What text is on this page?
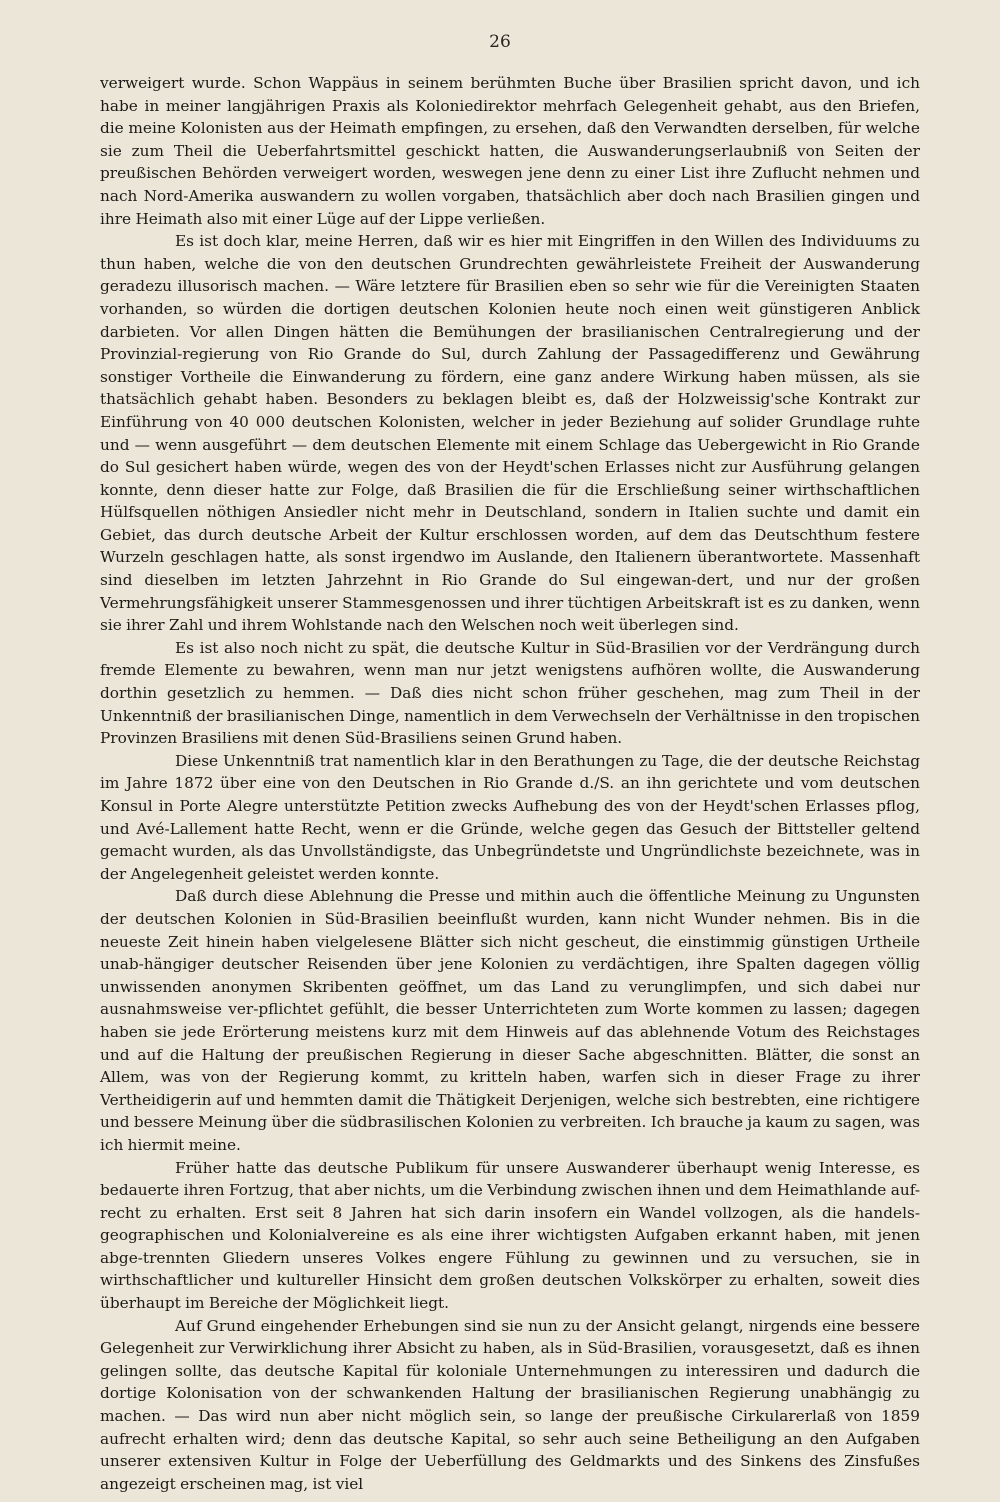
26

verweigert wurde. Schon Wappäus in seinem berühmten Buche über Brasilien spricht davon, und ich habe in meiner langjährigen Praxis als Koloniedirektor mehrfach Gelegenheit gehabt, aus den Briefen, die meine Kolonisten aus der Heimath empfingen, zu ersehen, daß den Verwandten derselben, für welche sie zum Theil die Ueberfahrtsmittel geschickt hatten, die Auswanderungserlaubniß von Seiten der preußischen Behörden verweigert worden, weswegen jene denn zu einer List ihre Zuflucht nehmen und nach Nord-Amerika auswandern zu wollen vorgaben, thatsächlich aber doch nach Brasilien gingen und ihre Heimath also mit einer Lüge auf der Lippe verließen.

Es ist doch klar, meine Herren, daß wir es hier mit Eingriffen in den Willen des Individuums zu thun haben, welche die von den deutschen Grundrechten gewährleistete Freiheit der Auswanderung geradezu illusorisch machen. — Wäre letztere für Brasilien eben so sehr wie für die Vereinigten Staaten vorhanden, so würden die dortigen deutschen Kolonien heute noch einen weit günstigeren Anblick darbieten. Vor allen Dingen hätten die Bemühungen der brasilianischen Centralregierung und der Provinzial-regierung von Rio Grande do Sul, durch Zahlung der Passagedifferenz und Gewährung sonstiger Vortheile die Einwanderung zu fördern, eine ganz andere Wirkung haben müssen, als sie thatsächlich gehabt haben. Besonders zu beklagen bleibt es, daß der Holzweissig'sche Kontrakt zur Einführung von 40 000 deutschen Kolonisten, welcher in jeder Beziehung auf solider Grundlage ruhte und — wenn ausgeführt — dem deutschen Elemente mit einem Schlage das Uebergewicht in Rio Grande do Sul gesichert haben würde, wegen des von der Heydt'schen Erlasses nicht zur Ausführung gelangen konnte, denn dieser hatte zur Folge, daß Brasilien die für die Erschließung seiner wirthschaftlichen Hülfsquellen nöthigen Ansiedler nicht mehr in Deutschland, sondern in Italien suchte und damit ein Gebiet, das durch deutsche Arbeit der Kultur erschlossen worden, auf dem das Deutschthum festere Wurzeln geschlagen hatte, als sonst irgendwo im Auslande, den Italienern überantwortete. Massenhaft sind dieselben im letzten Jahrzehnt in Rio Grande do Sul eingewan-dert, und nur der großen Vermehrungsfähigkeit unserer Stammesgenossen und ihrer tüchtigen Arbeitskraft ist es zu danken, wenn sie ihrer Zahl und ihrem Wohlstande nach den Welschen noch weit überlegen sind.

Es ist also noch nicht zu spät, die deutsche Kultur in Süd-Brasilien vor der Verdrängung durch fremde Elemente zu bewahren, wenn man nur jetzt wenigstens aufhören wollte, die Auswanderung dorthin gesetzlich zu hemmen. — Daß dies nicht schon früher geschehen, mag zum Theil in der Unkenntniß der brasilianischen Dinge, namentlich in dem Verwechseln der Verhältnisse in den tropischen Provinzen Brasiliens mit denen Süd-Brasiliens seinen Grund haben.

Diese Unkenntniß trat namentlich klar in den Berathungen zu Tage, die der deutsche Reichstag im Jahre 1872 über eine von den Deutschen in Rio Grande d./S. an ihn gerichtete und vom deutschen Konsul in Porte Alegre unterstützte Petition zwecks Aufhebung des von der Heydt'schen Erlasses pflog, und Avé-Lallement hatte Recht, wenn er die Gründe, welche gegen das Gesuch der Bittsteller geltend gemacht wurden, als das Unvollständigste, das Unbegründetste und Ungründlichste bezeichnete, was in der Angelegenheit geleistet werden konnte.

Daß durch diese Ablehnung die Presse und mithin auch die öffentliche Meinung zu Ungunsten der deutschen Kolonien in Süd-Brasilien beeinflußt wurden, kann nicht Wunder nehmen. Bis in die neueste Zeit hinein haben vielgelesene Blätter sich nicht gescheut, die einstimmig günstigen Urtheile unab-hängiger deutscher Reisenden über jene Kolonien zu verdächtigen, ihre Spalten dagegen völlig unwissenden anonymen Skribenten geöffnet, um das Land zu verunglimpfen, und sich dabei nur ausnahmsweise ver-pflichtet gefühlt, die besser Unterrichteten zum Worte kommen zu lassen; dagegen haben sie jede Erörterung meistens kurz mit dem Hinweis auf das ablehnende Votum des Reichstages und auf die Haltung der preußischen Regierung in dieser Sache abgeschnitten. Blätter, die sonst an Allem, was von der Regierung kommt, zu kritteln haben, warfen sich in dieser Frage zu ihrer Vertheidigerin auf und hemmten damit die Thätigkeit Derjenigen, welche sich bestrebten, eine richtigere und bessere Meinung über die südbrasilischen Kolonien zu verbreiten. Ich brauche ja kaum zu sagen, was ich hiermit meine.

Früher hatte das deutsche Publikum für unsere Auswanderer überhaupt wenig Interesse, es bedauerte ihren Fortzug, that aber nichts, um die Verbindung zwischen ihnen und dem Heimathlande auf-recht zu erhalten. Erst seit 8 Jahren hat sich darin insofern ein Wandel vollzogen, als die handels-geographischen und Kolonialvereine es als eine ihrer wichtigsten Aufgaben erkannt haben, mit jenen abge-trennten Gliedern unseres Volkes engere Fühlung zu gewinnen und zu versuchen, sie in wirthschaftlicher und kultureller Hinsicht dem großen deutschen Volkskörper zu erhalten, soweit dies überhaupt im Bereiche der Möglichkeit liegt.

Auf Grund eingehender Erhebungen sind sie nun zu der Ansicht gelangt, nirgends eine bessere Gelegenheit zur Verwirklichung ihrer Absicht zu haben, als in Süd-Brasilien, vorausgesetzt, daß es ihnen gelingen sollte, das deutsche Kapital für koloniale Unternehmungen zu interessiren und dadurch die dortige Kolonisation von der schwankenden Haltung der brasilianischen Regierung unabhängig zu machen. — Das wird nun aber nicht möglich sein, so lange der preußische Cirkularerlaß von 1859 aufrecht erhalten wird; denn das deutsche Kapital, so sehr auch seine Betheiligung an den Aufgaben unserer extensiven Kultur in Folge der Ueberfüllung des Geldmarkts und des Sinkens des Zinsfußes angezeigt erscheinen mag, ist viel
